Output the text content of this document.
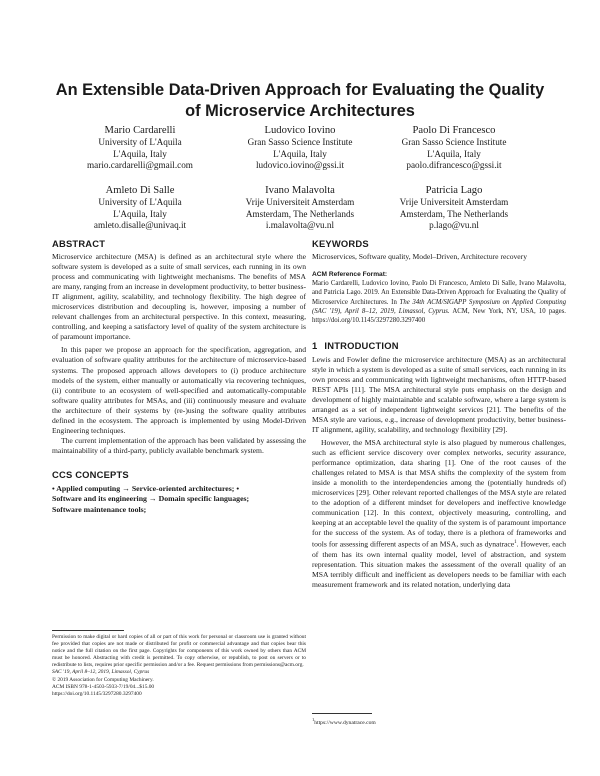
An Extensible Data-Driven Approach for Evaluating the Quality
of Microservice Architectures
Mario Cardarelli
University of L'Aquila
L'Aquila, Italy
mario.cardarelli@gmail.com
Ludovico Iovino
Gran Sasso Science Institute
L'Aquila, Italy
ludovico.iovino@gssi.it
Paolo Di Francesco
Gran Sasso Science Institute
L'Aquila, Italy
paolo.difrancesco@gssi.it
Amleto Di Salle
University of L'Aquila
L'Aquila, Italy
amleto.disalle@univaq.it
Ivano Malavolta
Vrije Universiteit Amsterdam
Amsterdam, The Netherlands
i.malavolta@vu.nl
Patricia Lago
Vrije Universiteit Amsterdam
Amsterdam, The Netherlands
p.lago@vu.nl
ABSTRACT

Microservice architecture (MSA) is defined as an architectural style where the software system is developed as a suite of small services, each running in its own process and communicating with lightweight mechanisms. The benefits of MSA are many, ranging from an increase in development productivity, to better business-IT alignment, agility, scalability, and technology flexibility. The high degree of microservices distribution and decoupling is, however, imposing a number of relevant challenges from an architectural perspective. In this context, measuring, controlling, and keeping a satisfactory level of quality of the system architecture is of paramount importance.

In this paper we propose an approach for the specification, aggregation, and evaluation of software quality attributes for the architecture of microservice-based systems. The proposed approach allows developers to (i) produce architecture models of the system, either manually or automatically via recovering techniques, (ii) contribute to an ecosystem of well-specified and automatically-computable software quality attributes for MSAs, and (iii) continuously measure and evaluate the architecture of their systems by (re-)using the software quality attributes defined in the ecosystem. The approach is implemented by using Model-Driven Engineering techniques.

The current implementation of the approach has been validated by assessing the maintainability of a third-party, publicly available benchmark system.

CCS CONCEPTS
• Applied computing → Service-oriented architectures; •
Software and its engineering → Domain specific languages;
Software maintenance tools;
Permission to make digital or hard copies of all or part of this work for personal or classroom use is granted without fee provided that copies are not made or distributed for profit or commercial advantage and that copies bear this notice and the full citation on the first page. Copyrights for components of this work owned by others than ACM must be honored. Abstracting with credit is permitted. To copy otherwise, or republish, to post on servers or to redistribute to lists, requires prior specific permission and/or a fee. Request permissions from permissions@acm.org.
SAC '19, April 8–12, 2019, Limassol, Cyprus
© 2019 Association for Computing Machinery.
ACM ISBN 978-1-4503-5933-7/19/04...$15.00
https://doi.org/10.1145/3297280.3297400
KEYWORDS

Microservices, Software quality, Model–Driven, Architecture recovery

ACM Reference Format:
Mario Cardarelli, Ludovico Iovino, Paolo Di Francesco, Amleto Di Salle, Ivano Malavolta, and Patricia Lago. 2019. An Extensible Data-Driven Approach for Evaluating the Quality of Microservice Architectures. In The 34th ACM/SIGAPP Symposium on Applied Computing (SAC '19), April 8–12, 2019, Limassol, Cyprus. ACM, New York, NY, USA, 10 pages. https://doi.org/10.1145/3297280.3297400
1 INTRODUCTION

Lewis and Fowler define the microservice architecture (MSA) as an architectural style in which a system is developed as a suite of small services, each running in its own process and communicating with lightweight mechanisms, often HTTP-based REST APIs [11]. The MSA architectural style puts emphasis on the design and development of highly maintainable and scalable software, where a large system is arranged as a set of independent lightweight services [21]. The benefits of the MSA style are various, e.g., increase of development productivity, better business-IT alignment, agility, scalability, and technology flexibility [29].

However, the MSA architectural style is also plagued by numerous challenges, such as efficient service discovery over complex networks, security assurance, performance optimization, data sharing [1]. One of the root causes of the challenges related to MSA is that MSA shifts the complexity of the system from inside a monolith to the interdependencies among the (potentially hundreds of) microservices [29]. Other relevant reported challenges of the MSA style are related to the adoption of a different mindset for developers and ineffective knowledge communication [12]. In this context, objectively measuring, controlling, and keeping at an acceptable level the quality of the system is of paramount importance for the success of the system. As of today, there is a plethora of frameworks and tools for assessing different aspects of an MSA, such as dynatrace$^1$. However, each of them has its own internal quality model, level of abstraction, and system representation. This situation makes the assessment of the overall quality of an MSA terribly difficult and inefficient as developers needs to be familiar with each measurement framework and its related notation, underlying data

$^1$https://www.dynatrace.com
